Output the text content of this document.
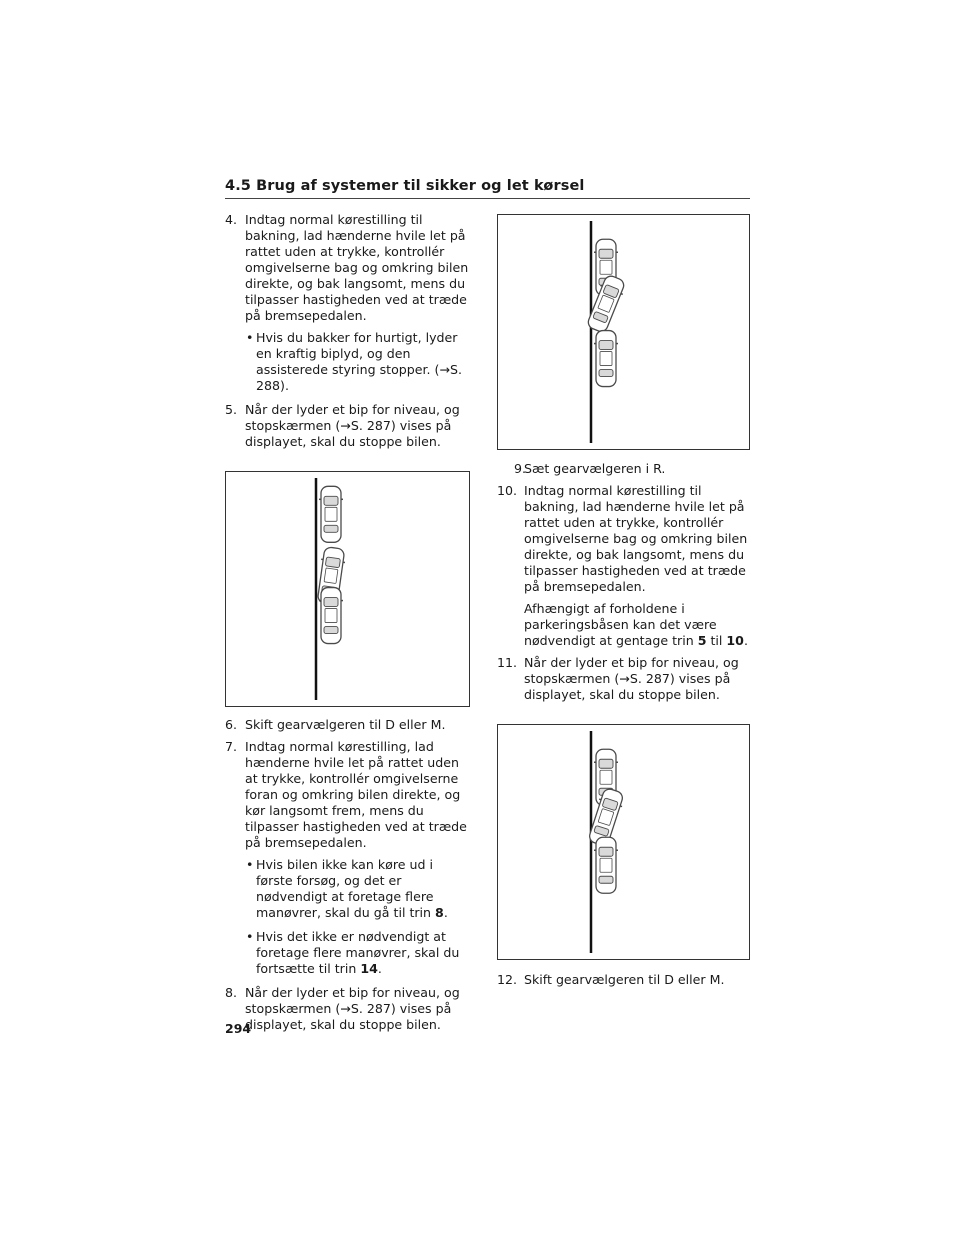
4.5 Brug af systemer til sikker og let kørsel
4. Indtag normal kørestilling til bakning, lad hænderne hvile let på rattet uden at trykke, kontrollér omgivelserne bag og omkring bilen direkte, og bak langsomt, mens du tilpasser hastigheden ved at træde på bremsepedalen.
• Hvis du bakker for hurtigt, lyder en kraftig biplyd, og den assisterede styring stopper. (→S. 288).
5. Når der lyder et bip for niveau, og stopskærmen (→S. 287) vises på displayet, skal du stoppe bilen.
6. Skift gearvælgeren til D eller M.
7. Indtag normal kørestilling, lad hænderne hvile let på rattet uden at trykke, kontrollér omgivelserne foran og omkring bilen direkte, og kør langsomt frem, mens du tilpasser hastigheden ved at træde på bremsepedalen.
• Hvis bilen ikke kan køre ud i første forsøg, og det er nødvendigt at foretage flere manøvrer, skal du gå til trin 8.
• Hvis det ikke er nødvendigt at foretage flere manøvrer, skal du fortsætte til trin 14.
8. Når der lyder et bip for niveau, og stopskærmen (→S. 287) vises på displayet, skal du stoppe bilen.
9.
Sæt gearvælgeren i R.
10. Indtag normal kørestilling til bakning, lad hænderne hvile let på rattet uden at trykke, kontrollér omgivelserne bag og omkring bilen direkte, og bak langsomt, mens du tilpasser hastigheden ved at træde på bremsepedalen.
Afhængigt af forholdene i parkeringsbåsen kan det være nødvendigt at gentage trin 5 til 10.
11. Når der lyder et bip for niveau, og stopskærmen (→S. 287) vises på displayet, skal du stoppe bilen.
12. Skift gearvælgeren til D eller M.
294
